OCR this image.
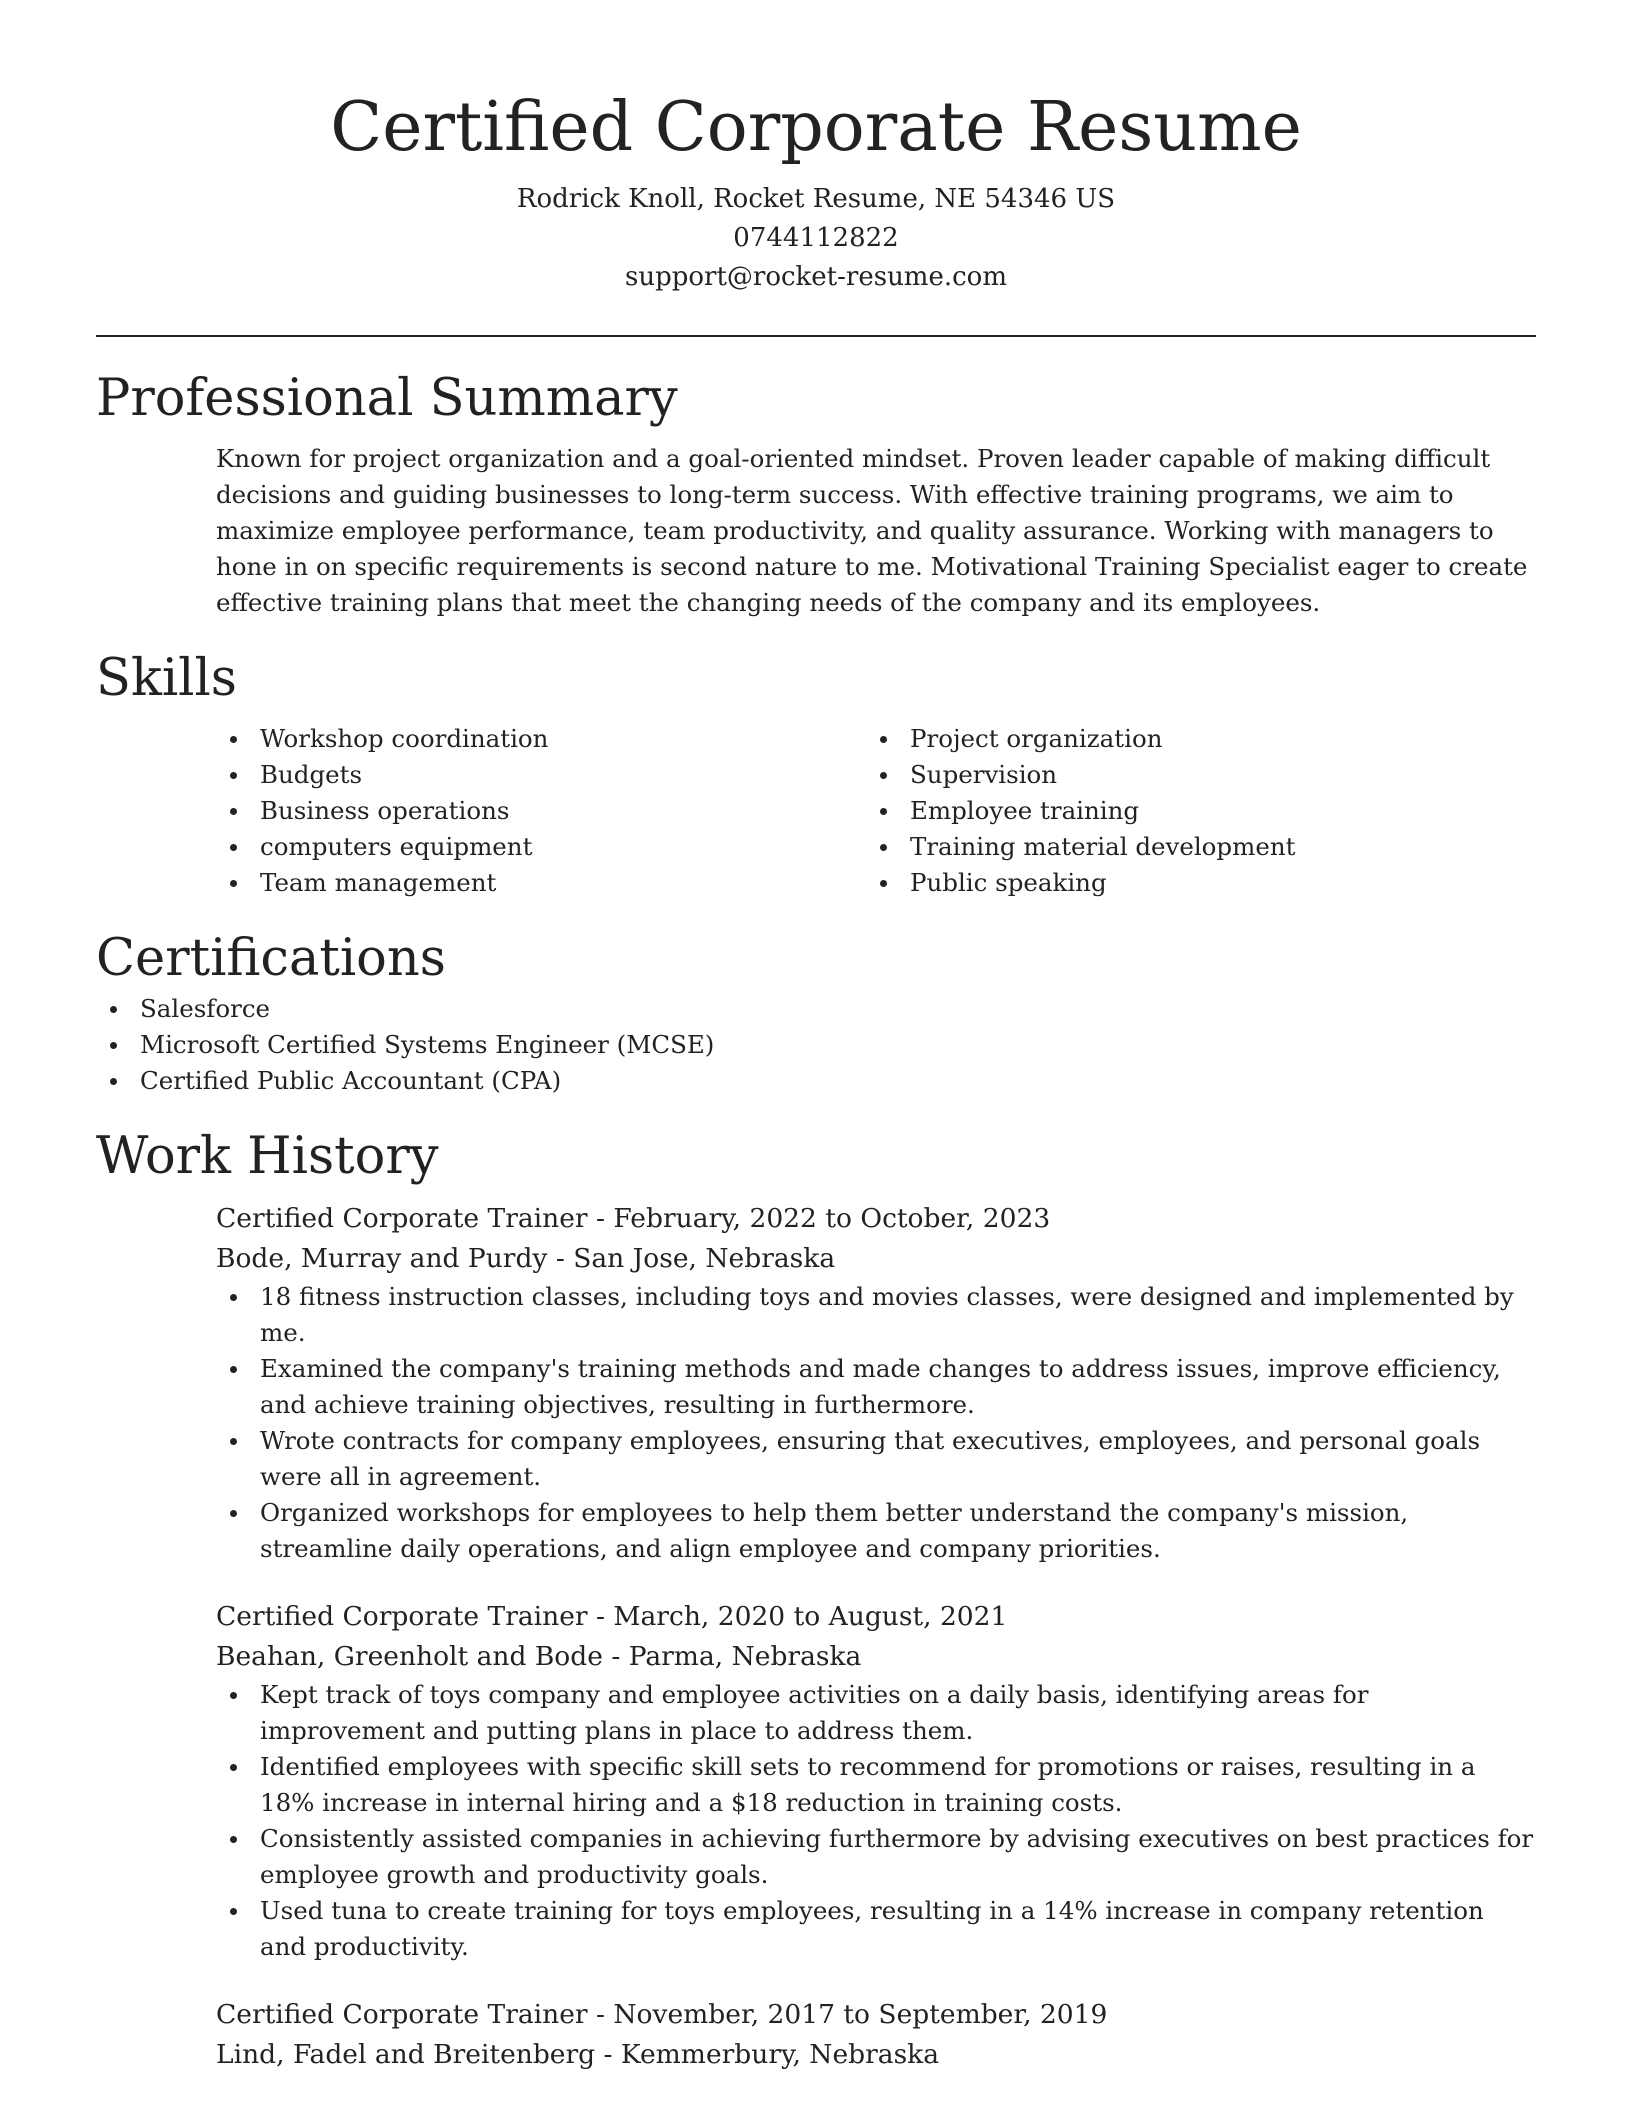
Certified Corporate Resume
Rodrick Knoll, Rocket Resume, NE 54346 US
0744112822
support@rocket-resume.com
Professional Summary

Known for project organization and a goal-oriented mindset. Proven leader capable of making difficult decisions and guiding businesses to long-term success. With effective training programs, we aim to maximize employee performance, team productivity, and quality assurance. Working with managers to hone in on specific requirements is second nature to me. Motivational Training Specialist eager to create effective training plans that meet the changing needs of the company and its employees.

Skills
Workshop coordination
Budgets
Business operations
computers equipment
Team management
Project organization
Supervision
Employee training
Training material development
Public speaking
Certifications
Salesforce
Microsoft Certified Systems Engineer (MCSE)
Certified Public Accountant (CPA)
Work History
Certified Corporate Trainer - February, 2022 to October, 2023
Bode, Murray and Purdy - San Jose, Nebraska
18 fitness instruction classes, including toys and movies classes, were designed and implemented by me.
Examined the company's training methods and made changes to address issues, improve efficiency, and achieve training objectives, resulting in furthermore.
Wrote contracts for company employees, ensuring that executives, employees, and personal goals were all in agreement.
Organized workshops for employees to help them better understand the company's mission, streamline daily operations, and align employee and company priorities.
Certified Corporate Trainer - March, 2020 to August, 2021
Beahan, Greenholt and Bode - Parma, Nebraska
Kept track of toys company and employee activities on a daily basis, identifying areas for improvement and putting plans in place to address them.
Identified employees with specific skill sets to recommend for promotions or raises, resulting in a 18% increase in internal hiring and a $18 reduction in training costs.
Consistently assisted companies in achieving furthermore by advising executives on best practices for employee growth and productivity goals.
Used tuna to create training for toys employees, resulting in a 14% increase in company retention and productivity.
Certified Corporate Trainer - November, 2017 to September, 2019
Lind, Fadel and Breitenberg - Kemmerbury, Nebraska
